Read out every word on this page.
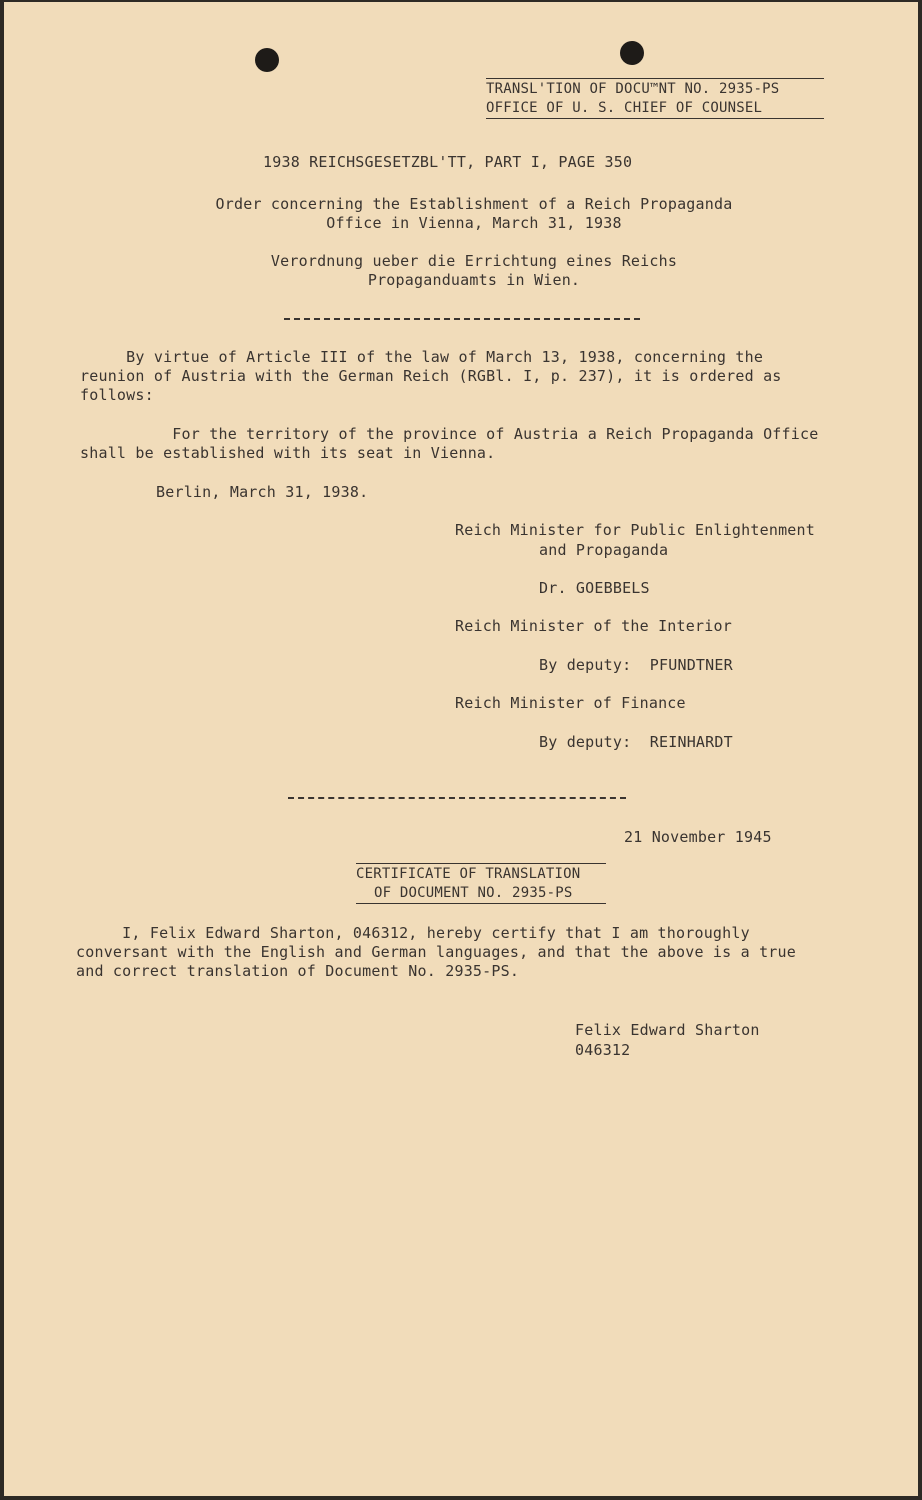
TRANSL'TION OF DOCU™NT NO. 2935-PS
OFFICE OF U. S. CHIEF OF COUNSEL
1938 REICHSGESETZBL'TT, PART I, PAGE 350
Order concerning the Establishment of a Reich Propaganda
Office in Vienna, March 31, 1938
Verordnung ueber die Errichtung eines Reichs
Propaganduamts in Wien.
By virtue of Article III of the law of March 13, 1938, concerning the
reunion of Austria with the German Reich (RGBl. I, p. 237), it is ordered as
follows:
For the territory of the province of Austria a Reich Propaganda Office
shall be established with its seat in Vienna.
Berlin, March 31, 1938.
Reich Minister for Public Enlightenment
and Propaganda
Dr. GOEBBELS
Reich Minister of the Interior
By deputy:  PFUNDTNER
Reich Minister of Finance
By deputy:  REINHARDT
21 November 1945
CERTIFICATE OF TRANSLATION
OF DOCUMENT NO. 2935-PS
I, Felix Edward Sharton, 046312, hereby certify that I am thoroughly
conversant with the English and German languages, and that the above is a true
and correct translation of Document No. 2935-PS.
Felix Edward Sharton
046312
